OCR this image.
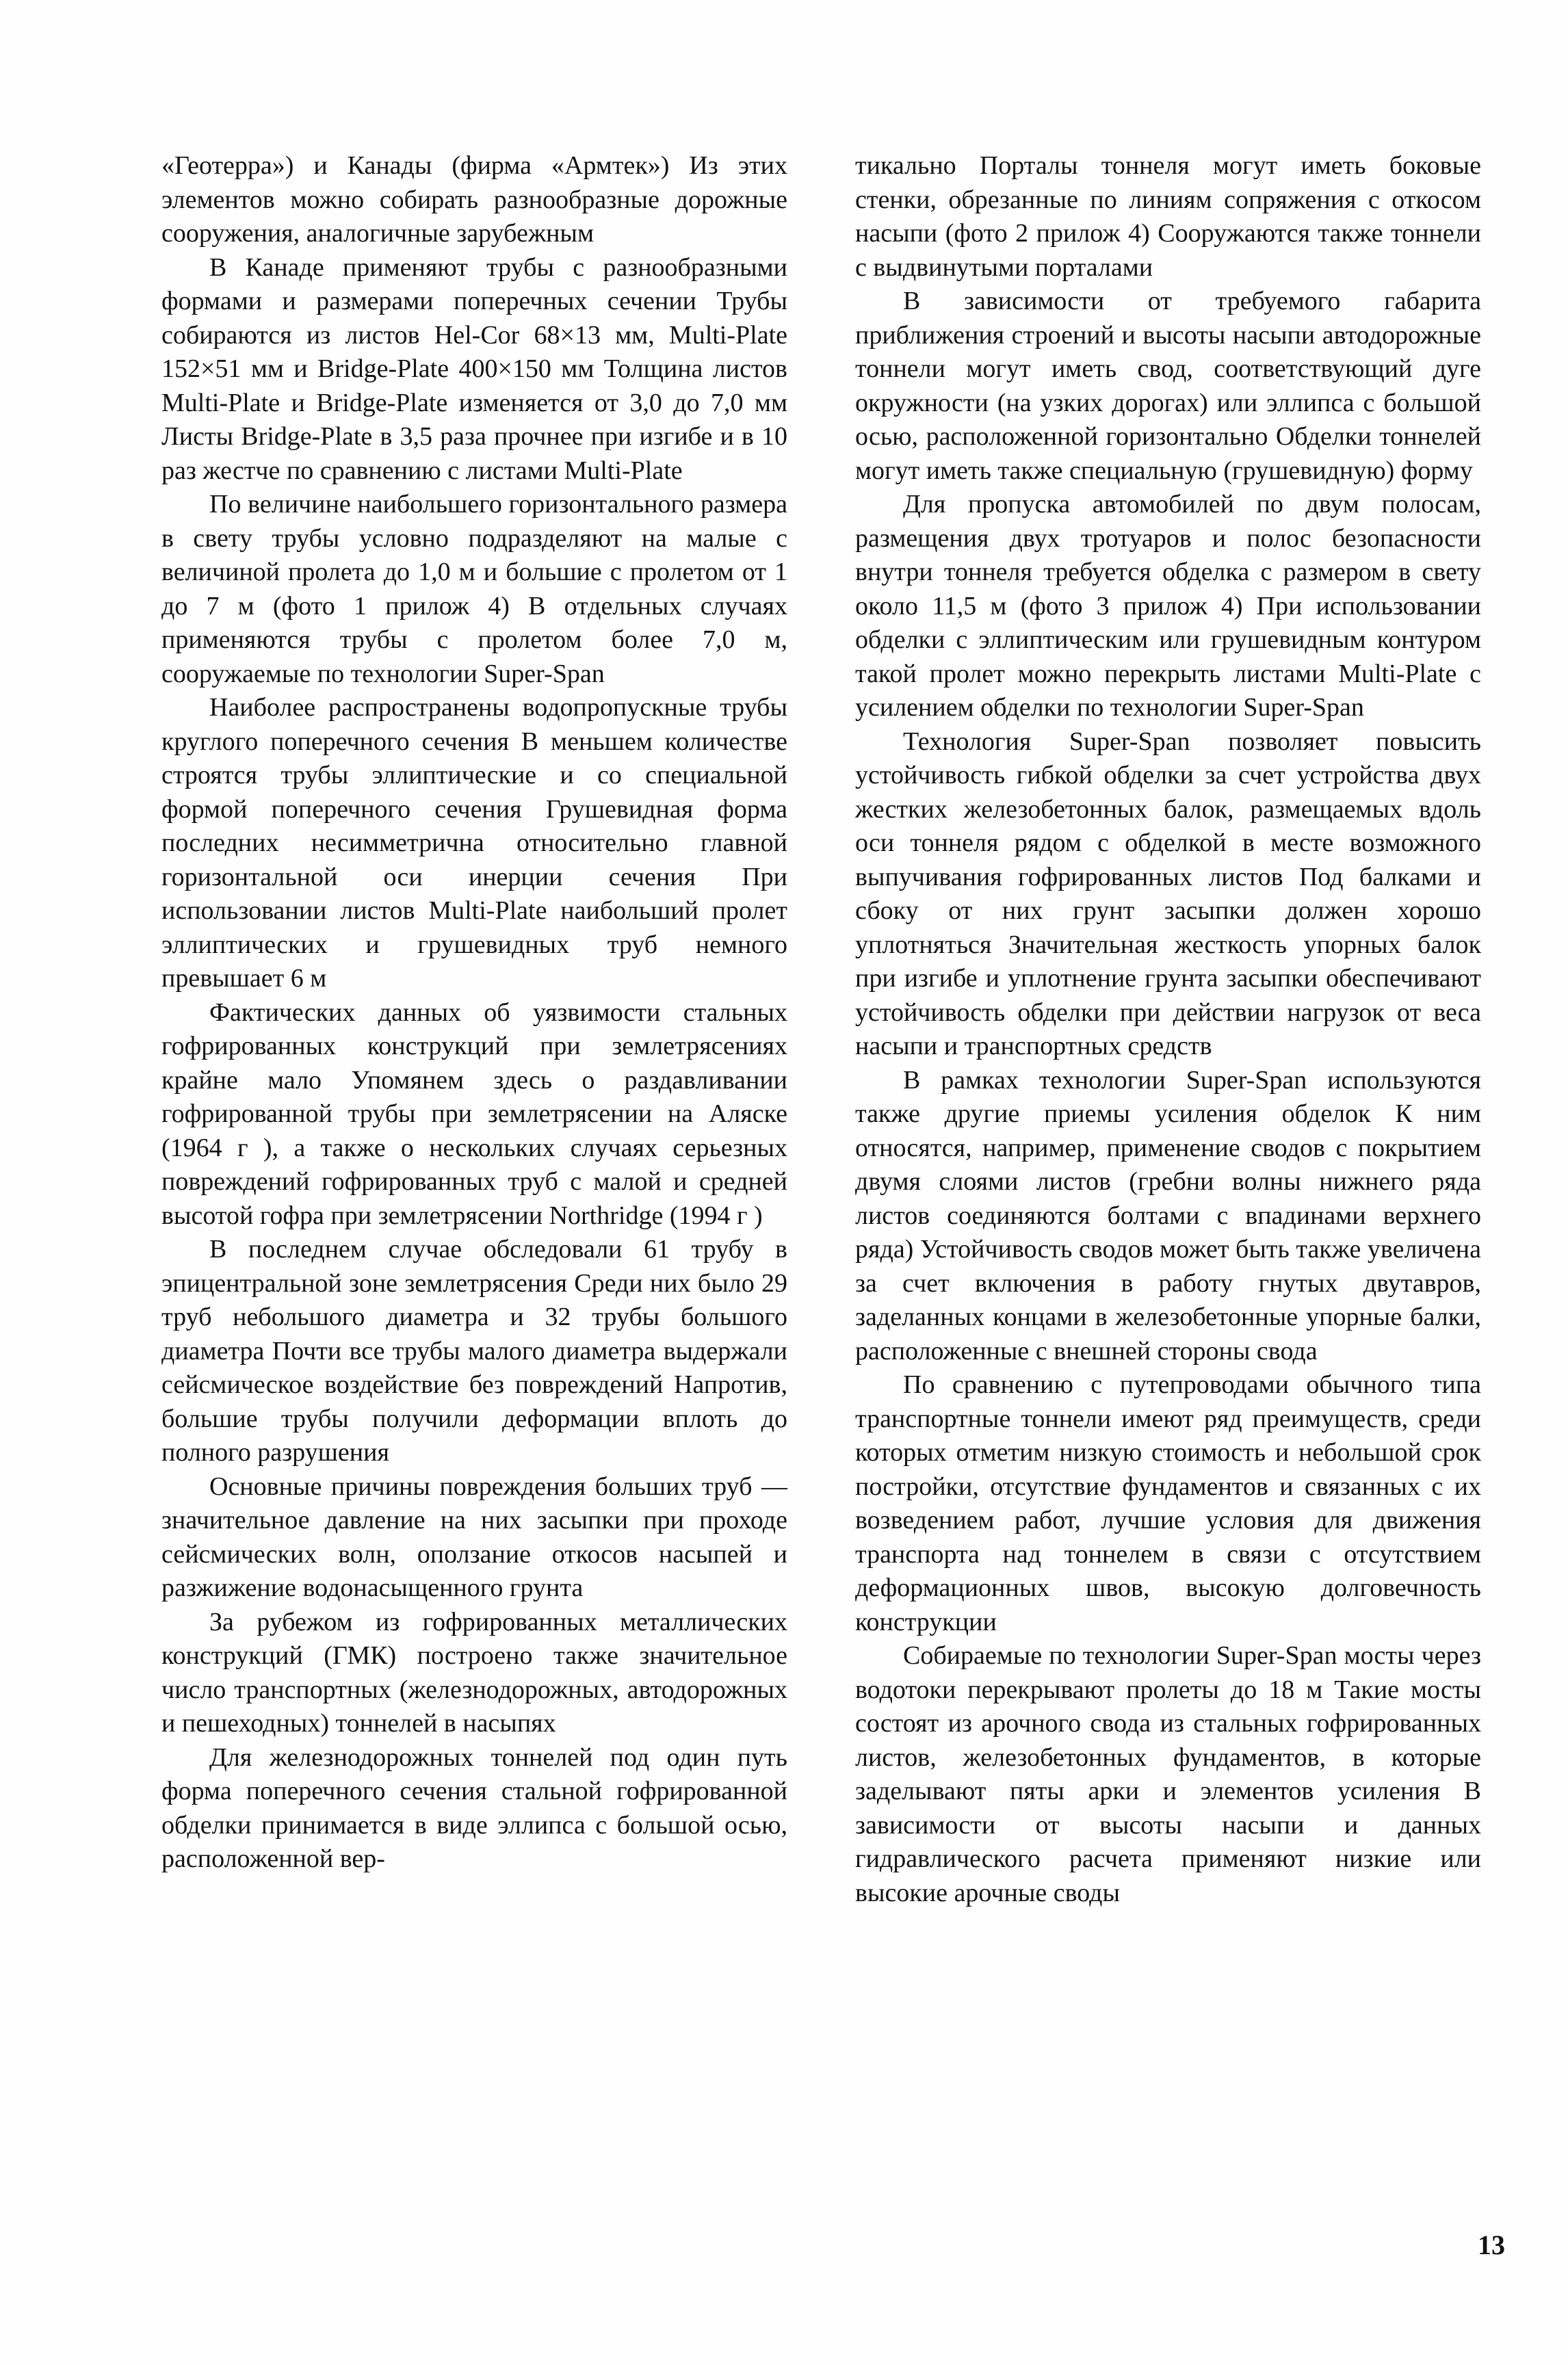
«Геотерра») и Канады (фирма «Армтек») Из этих элементов можно собирать разнообразные дорожные сооружения, аналогичные зарубежным

В Канаде применяют трубы с разнообразными формами и размерами поперечных сечении Трубы собираются из листов Hel-Cor 68×13 мм, Multi-Plate 152×51 мм и Bridge-Plate 400×150 мм Толщина листов Multi-Plate и Bridge-Plate изменяется от 3,0 до 7,0 мм Листы Bridge-Plate в 3,5 раза прочнее при изгибе и в 10 раз жестче по сравнению с листами Multi-Plate

По величине наибольшего горизонтального размера в свету трубы условно подразделяют на малые с величиной пролета до 1,0 м и большие с пролетом от 1 до 7 м (фото 1 прилож 4) В отдельных случаях применяются трубы с пролетом более 7,0 м, сооружаемые по технологии Super-Span

Наиболее распространены водопропускные трубы круглого поперечного сечения В меньшем количестве строятся трубы эллиптические и со специальной формой поперечного сечения Грушевидная форма последних несимметрична относительно главной горизонтальной оси инерции сечения При использовании листов Multi-Plate наибольший пролет эллиптических и грушевидных труб немного превышает 6 м

Фактических данных об уязвимости стальных гофрированных конструкций при землетрясениях крайне мало Упомянем здесь о раздавливании гофрированной трубы при землетрясении на Аляске (1964 г ), а также о нескольких случаях серьезных повреждений гофрированных труб с малой и средней высотой гофра при землетрясении Northridge (1994 г )

В последнем случае обследовали 61 трубу в эпицентральной зоне землетрясения Среди них было 29 труб небольшого диаметра и 32 трубы большого диаметра Почти все трубы малого диаметра выдержали сейсмическое воздействие без повреждений Напротив, большие трубы получили деформации вплоть до полного разрушения

Основные причины повреждения больших труб — значительное давление на них засыпки при проходе сейсмических волн, оползание откосов насыпей и разжижение водонасыщенного грунта

За рубежом из гофрированных металлических конструкций (ГМК) построено также значительное число транспортных (железнодорожных, автодорожных и пешеходных) тоннелей в насыпях

Для железнодорожных тоннелей под один путь форма поперечного сечения стальной гофрированной обделки принимается в виде эллипса с большой осью, расположенной вер-

тикально Порталы тоннеля могут иметь боковые стенки, обрезанные по линиям сопряжения с откосом насыпи (фото 2 прилож 4) Сооружаются также тоннели с выдвинутыми порталами

В зависимости от требуемого габарита приближения строений и высоты насыпи автодорожные тоннели могут иметь свод, соответствующий дуге окружности (на узких дорогах) или эллипса с большой осью, расположенной горизонтально Обделки тоннелей могут иметь также специальную (грушевидную) форму

Для пропуска автомобилей по двум полосам, размещения двух тротуаров и полос безопасности внутри тоннеля требуется обделка с размером в свету около 11,5 м (фото 3 прилож 4) При использовании обделки с эллиптическим или грушевидным контуром такой пролет можно перекрыть листами Multi-Plate с усилением обделки по технологии Super-Span

Технология Super-Span позволяет повысить устойчивость гибкой обделки за счет устройства двух жестких железобетонных балок, размещаемых вдоль оси тоннеля рядом с обделкой в месте возможного выпучивания гофрированных листов Под балками и сбоку от них грунт засыпки должен хорошо уплотняться Значительная жесткость упорных балок при изгибе и уплотнение грунта засыпки обеспечивают устойчивость обделки при действии нагрузок от веса насыпи и транспортных средств

В рамках технологии Super-Span используются также другие приемы усиления обделок К ним относятся, например, применение сводов с покрытием двумя слоями листов (гребни волны нижнего ряда листов соединяются болтами с впадинами верхнего ряда) Устойчивость сводов может быть также увеличена за счет включения в работу гнутых двутавров, заделанных концами в железобетонные упорные балки, расположенные с внешней стороны свода

По сравнению с путепроводами обычного типа транспортные тоннели имеют ряд преимуществ, среди которых отметим низкую стоимость и небольшой срок постройки, отсутствие фундаментов и связанных с их возведением работ, лучшие условия для движения транспорта над тоннелем в связи с отсутствием деформационных швов, высокую долговечность конструкции

Собираемые по технологии Super-Span мосты через водотоки перекрывают пролеты до 18 м Такие мосты состоят из арочного свода из стальных гофрированных листов, железобетонных фундаментов, в которые заделывают пяты арки и элементов усиления В зависимости от высоты насыпи и данных гидравлического расчета применяют низкие или высокие арочные своды

13
